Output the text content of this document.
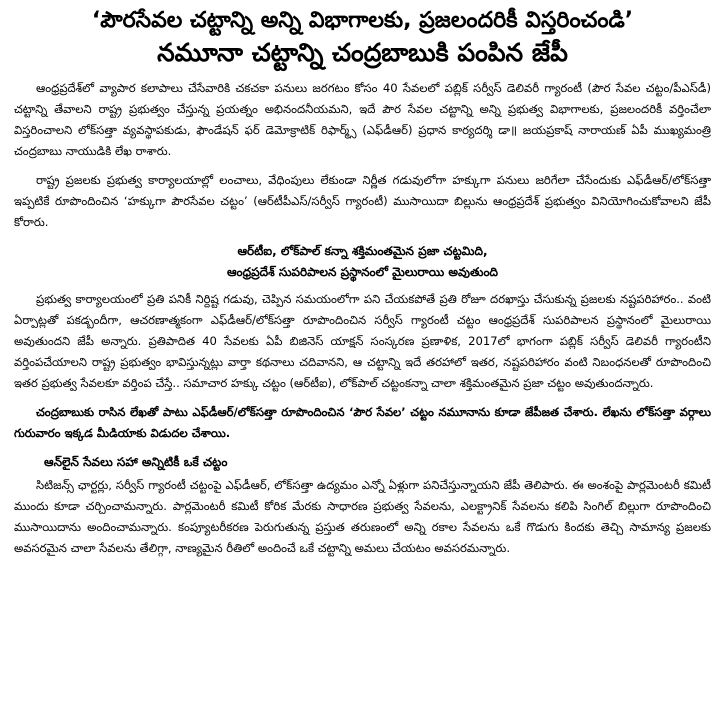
‘పౌరసేవల చట్టాన్ని అన్ని విభాగాలకు, ప్రజలందరికీ విస్తరించండి’
నమూనా చట్టాన్ని చంద్రబాబుకి పంపిన జేపీ

ఆంధ్రప్రదేశ్‌లో వ్యాపార కలాపాలు చేసేవారికి చకచకా పనులు జరగటం కోసం 40 సేవలలో పబ్లిక్ సర్వీస్ డెలివరీ గ్యారంటీ (పౌర సేవల చట్టం/పీఎస్‌డీ) చట్టాన్ని తేవాలని రాష్ట్ర ప్రభుత్వం చేస్తున్న ప్రయత్నం అభినందనీయమని, ఇదే పౌర సేవల చట్టాన్ని అన్ని ప్రభుత్వ విభాగాలకు, ప్రజలందరికీ వర్తించేలా విస్తరించాలని లోక్‌సత్తా వ్యవస్థాపకుడు, ఫౌండేషన్ ఫర్ డెమోక్రాటిక్ రిఫార్మ్స్ (ఎఫ్‌డీఆర్) ప్రధాన కార్యదర్శి డా॥ జయప్రకాష్ నారాయణ్ ఏపీ ముఖ్యమంత్రి చంద్రబాబు నాయుడికి లేఖ రాశారు.

రాష్ట్ర ప్రజలకు ప్రభుత్వ కార్యాలయాల్లో లంచాలు, వేధింపులు లేకుండా నిర్ణీత గడువులోగా హక్కుగా పనులు జరిగేలా చేసేందుకు ఎఫ్‌డీఆర్/లోక్‌సత్తా ఇప్పటికే రూపొందించిన ‘హక్కుగా పౌరసేవల చట్టం’ (ఆర్‌టీపీఎస్/సర్వీస్ గ్యారంటీ) ముసాయిదా బిల్లును ఆంధ్రప్రదేశ్ ప్రభుత్వం వినియోగించుకోవాలని జేపీ కోరారు.

ఆర్‌టీఐ, లోక్‌పాల్ కన్నా శక్తిమంతమైన ప్రజా చట్టమిది,

ఆంధ్రప్రదేశ్ సుపరిపాలన ప్రస్థానంలో మైలురాయి అవుతుంది

ప్రభుత్వ కార్యాలయంలో ప్రతి పనికీ నిర్దిష్ట గడువు, చెప్పిన సమయంలోగా పని చేయకపోతే ప్రతి రోజూ దరఖాస్తు చేసుకున్న ప్రజలకు నష్టపరిహారం.. వంటి ఏర్పాట్లతో పకడ్బందీగా, ఆచరణాత్మకంగా ఎఫ్‌డీఆర్/లోక్‌సత్తా రూపొందించిన సర్వీస్ గ్యారంటీ చట్టం ఆంధ్రప్రదేశ్ సుపరిపాలన ప్రస్థానంలో మైలురాయి అవుతుందని జేపీ అన్నారు. ప్రతిపాదిత 40 సేవలకు ఏపీ బిజినెస్ యాక్షన్ సంస్కరణ ప్రణాళిక, 2017లో భాగంగా పబ్లిక్ సర్వీస్ డెలివరీ గ్యారంటీని వర్తింపచేయాలని రాష్ట్ర ప్రభుత్వం భావిస్తున్నట్లు వార్తా కథనాలు చదివానని, ఆ చట్టాన్ని ఇదే తరహాలో ఇతర, నష్టపరిహారం వంటి నిబంధనలతో రూపొందించి ఇతర ప్రభుత్వ సేవలకూ వర్తింప చేస్తే.. సమాచార హక్కు చట్టం (ఆర్‌టీఐ), లోక్‌పాల్ చట్టంకన్నా చాలా శక్తిమంతమైన ప్రజా చట్టం అవుతుందన్నారు.

చంద్రబాబుకు రాసిన లేఖతో పాటు ఎఫ్‌డీఆర్/లోక్‌సత్తా రూపొందించిన ‘పౌర సేవల’ చట్టం నమూనాను కూడా జేపీజత చేశారు. లేఖను లోక్‌సత్తా వర్గాలు గురువారం ఇక్కడ మీడియాకు విడుదల చేశాయి.

ఆన్‌లైన్ సేవలు సహా అన్నిటికీ ఒకే చట్టం

సిటిజన్స్ ఛార్టర్లు, సర్వీస్ గ్యారంటీ చట్టంపై ఎఫ్‌డీఆర్, లోక్‌సత్తా ఉద్యమం ఎన్నో ఏళ్లుగా పనిచేస్తున్నాయని జేపీ తెలిపారు. ఈ అంశంపై పార్లమెంటరీ కమిటీ ముందు కూడా చర్చించామన్నారు. పార్లమెంటరీ కమిటీ కోరిక మేరకు సాధారణ ప్రభుత్వ సేవలను, ఎలక్ట్రానిక్ సేవలను కలిపి సింగిల్ బిల్లుగా రూపొందించి ముసాయిదాను అందించామన్నారు. కంప్యూటరీకరణ పెరుగుతున్న ప్రస్తుత తరుణంలో అన్ని రకాల సేవలను ఒకే గొడుగు కిందకు తెచ్చి సామాన్య ప్రజలకు అవసరమైన చాలా సేవలను తేలిగ్గా, నాణ్యమైన రీతిలో అందించే ఒకే చట్టాన్ని అమలు చేయటం అవసరమన్నారు.
